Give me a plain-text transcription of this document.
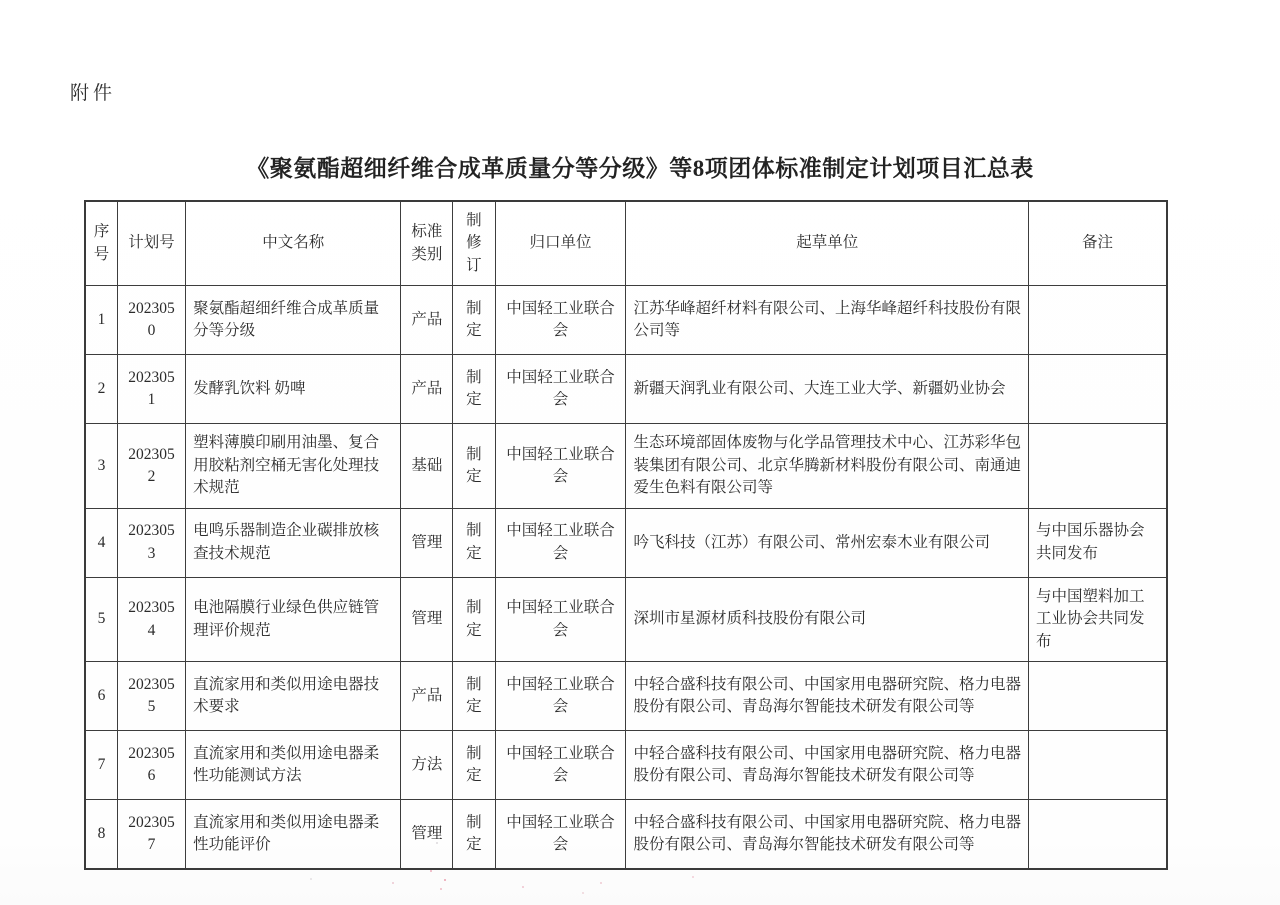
附件
《聚氨酯超细纤维合成革质量分等分级》等8项团体标准制定计划项目汇总表
序号	计划号	中文名称	标准类别	制修订	归口单位	起草单位	备注
1	2023050	聚氨酯超细纤维合成革质量分等分级	产品	制定	中国轻工业联合会	江苏华峰超纤材料有限公司、上海华峰超纤科技股份有限公司等	
2	2023051	发酵乳饮料 奶啤	产品	制定	中国轻工业联合会	新疆天润乳业有限公司、大连工业大学、新疆奶业协会	
3	2023052	塑料薄膜印刷用油墨、复合用胶粘剂空桶无害化处理技术规范	基础	制定	中国轻工业联合会	生态环境部固体废物与化学品管理技术中心、江苏彩华包装集团有限公司、北京华腾新材料股份有限公司、南通迪爱生色料有限公司等	
4	2023053	电鸣乐器制造企业碳排放核查技术规范	管理	制定	中国轻工业联合会	吟飞科技（江苏）有限公司、常州宏泰木业有限公司	与中国乐器协会共同发布
5	2023054	电池隔膜行业绿色供应链管理评价规范	管理	制定	中国轻工业联合会	深圳市星源材质科技股份有限公司	与中国塑料加工工业协会共同发布
6	2023055	直流家用和类似用途电器技术要求	产品	制定	中国轻工业联合会	中轻合盛科技有限公司、中国家用电器研究院、格力电器股份有限公司、青岛海尔智能技术研发有限公司等	
7	2023056	直流家用和类似用途电器柔性功能测试方法	方法	制定	中国轻工业联合会	中轻合盛科技有限公司、中国家用电器研究院、格力电器股份有限公司、青岛海尔智能技术研发有限公司等	
8	2023057	直流家用和类似用途电器柔性功能评价	管理	制定	中国轻工业联合会	中轻合盛科技有限公司、中国家用电器研究院、格力电器股份有限公司、青岛海尔智能技术研发有限公司等	
